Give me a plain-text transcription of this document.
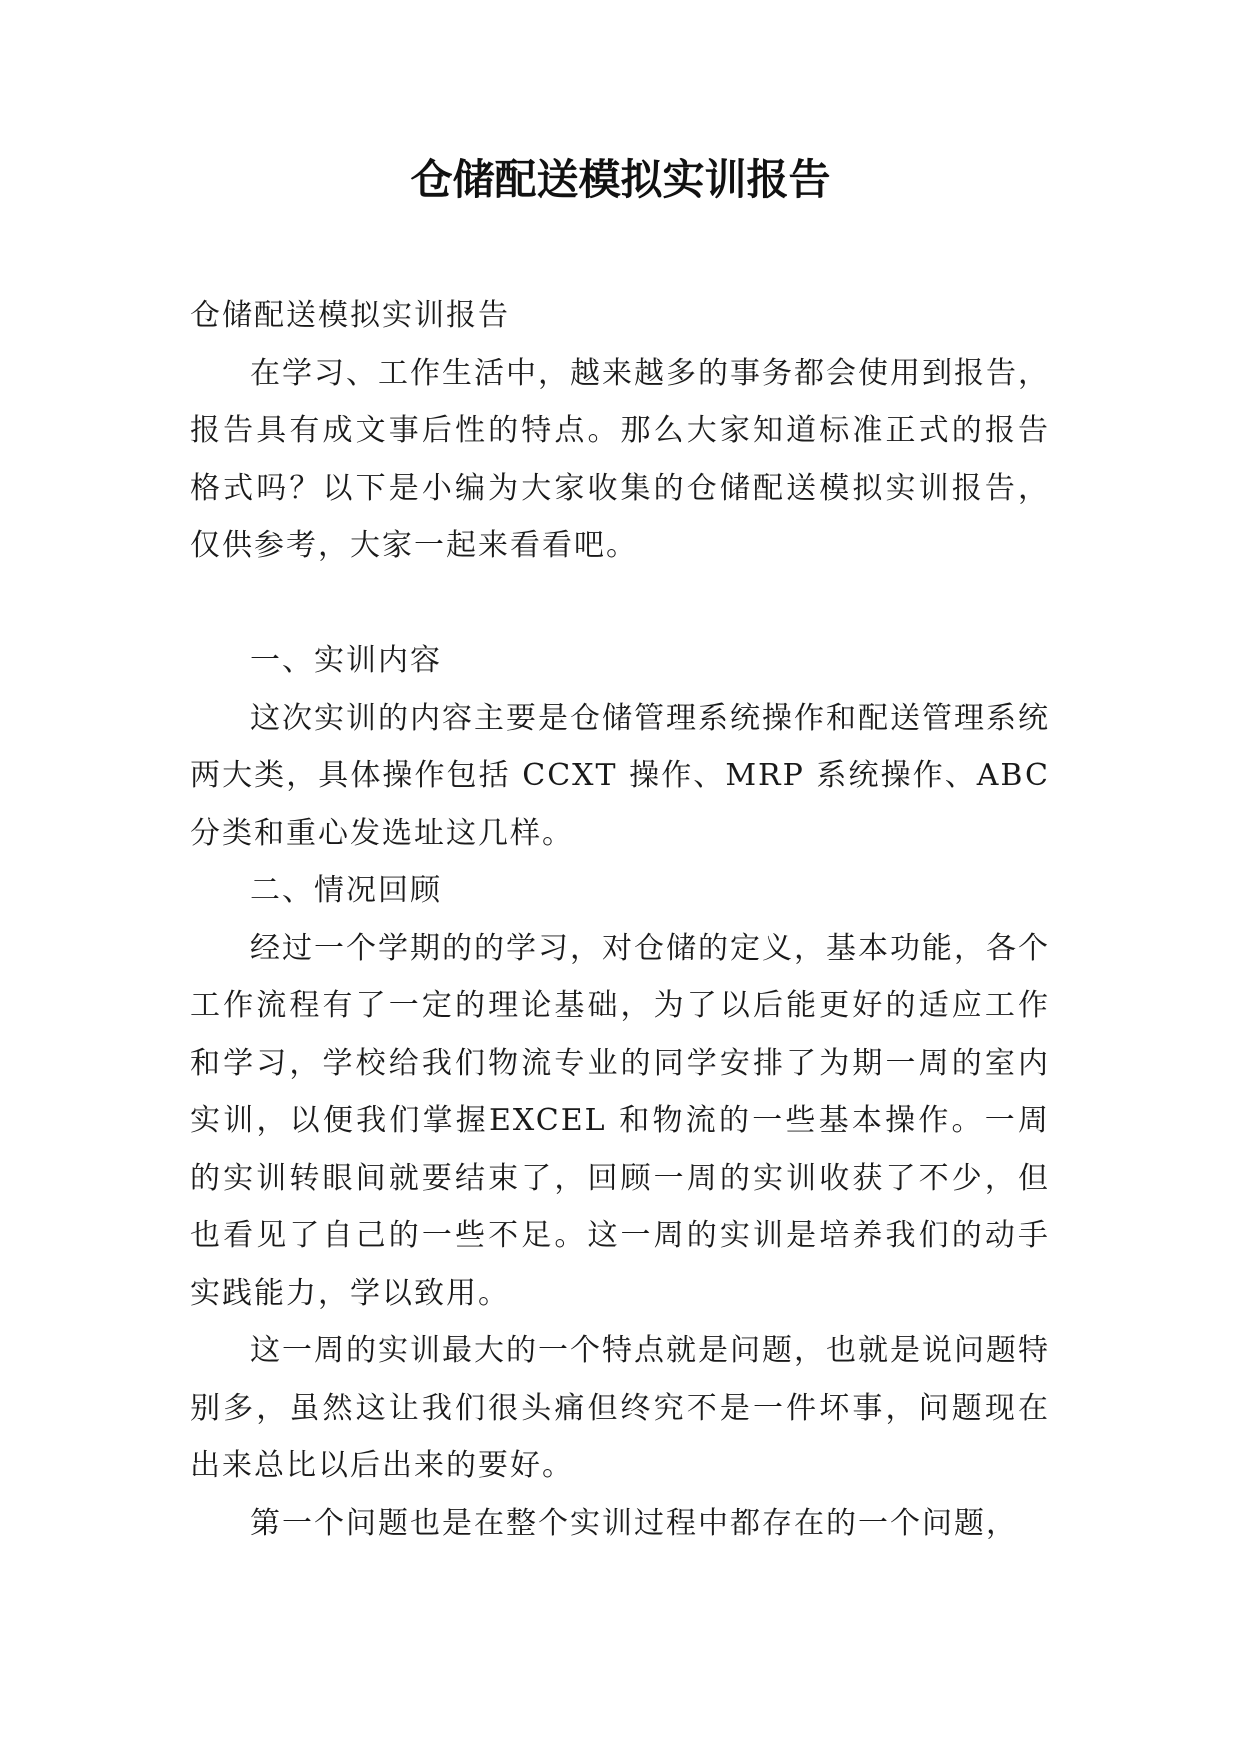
仓储配送模拟实训报告

仓储配送模拟实训报告

在学习、工作生活中，越来越多的事务都会使用到报告，报告具有成文事后性的特点。那么大家知道标准正式的报告格式吗？以下是小编为大家收集的仓储配送模拟实训报告，仅供参考，大家一起来看看吧。

一、实训内容

这次实训的内容主要是仓储管理系统操作和配送管理系统两大类，具体操作包括 CCXT 操作、MRP 系统操作、ABC 分类和重心发选址这几样。

二、情况回顾

经过一个学期的的学习，对仓储的定义，基本功能，各个工作流程有了一定的理论基础，为了以后能更好的适应工作和学习，学校给我们物流专业的同学安排了为期一周的室内实训，以便我们掌握EXCEL 和物流的一些基本操作。一周的实训转眼间就要结束了，回顾一周的实训收获了不少，但也看见了自己的一些不足。这一周的实训是培养我们的动手实践能力，学以致用。

这一周的实训最大的一个特点就是问题，也就是说问题特别多，虽然这让我们很头痛但终究不是一件坏事，问题现在出来总比以后出来的要好。

第一个问题也是在整个实训过程中都存在的一个问题，
